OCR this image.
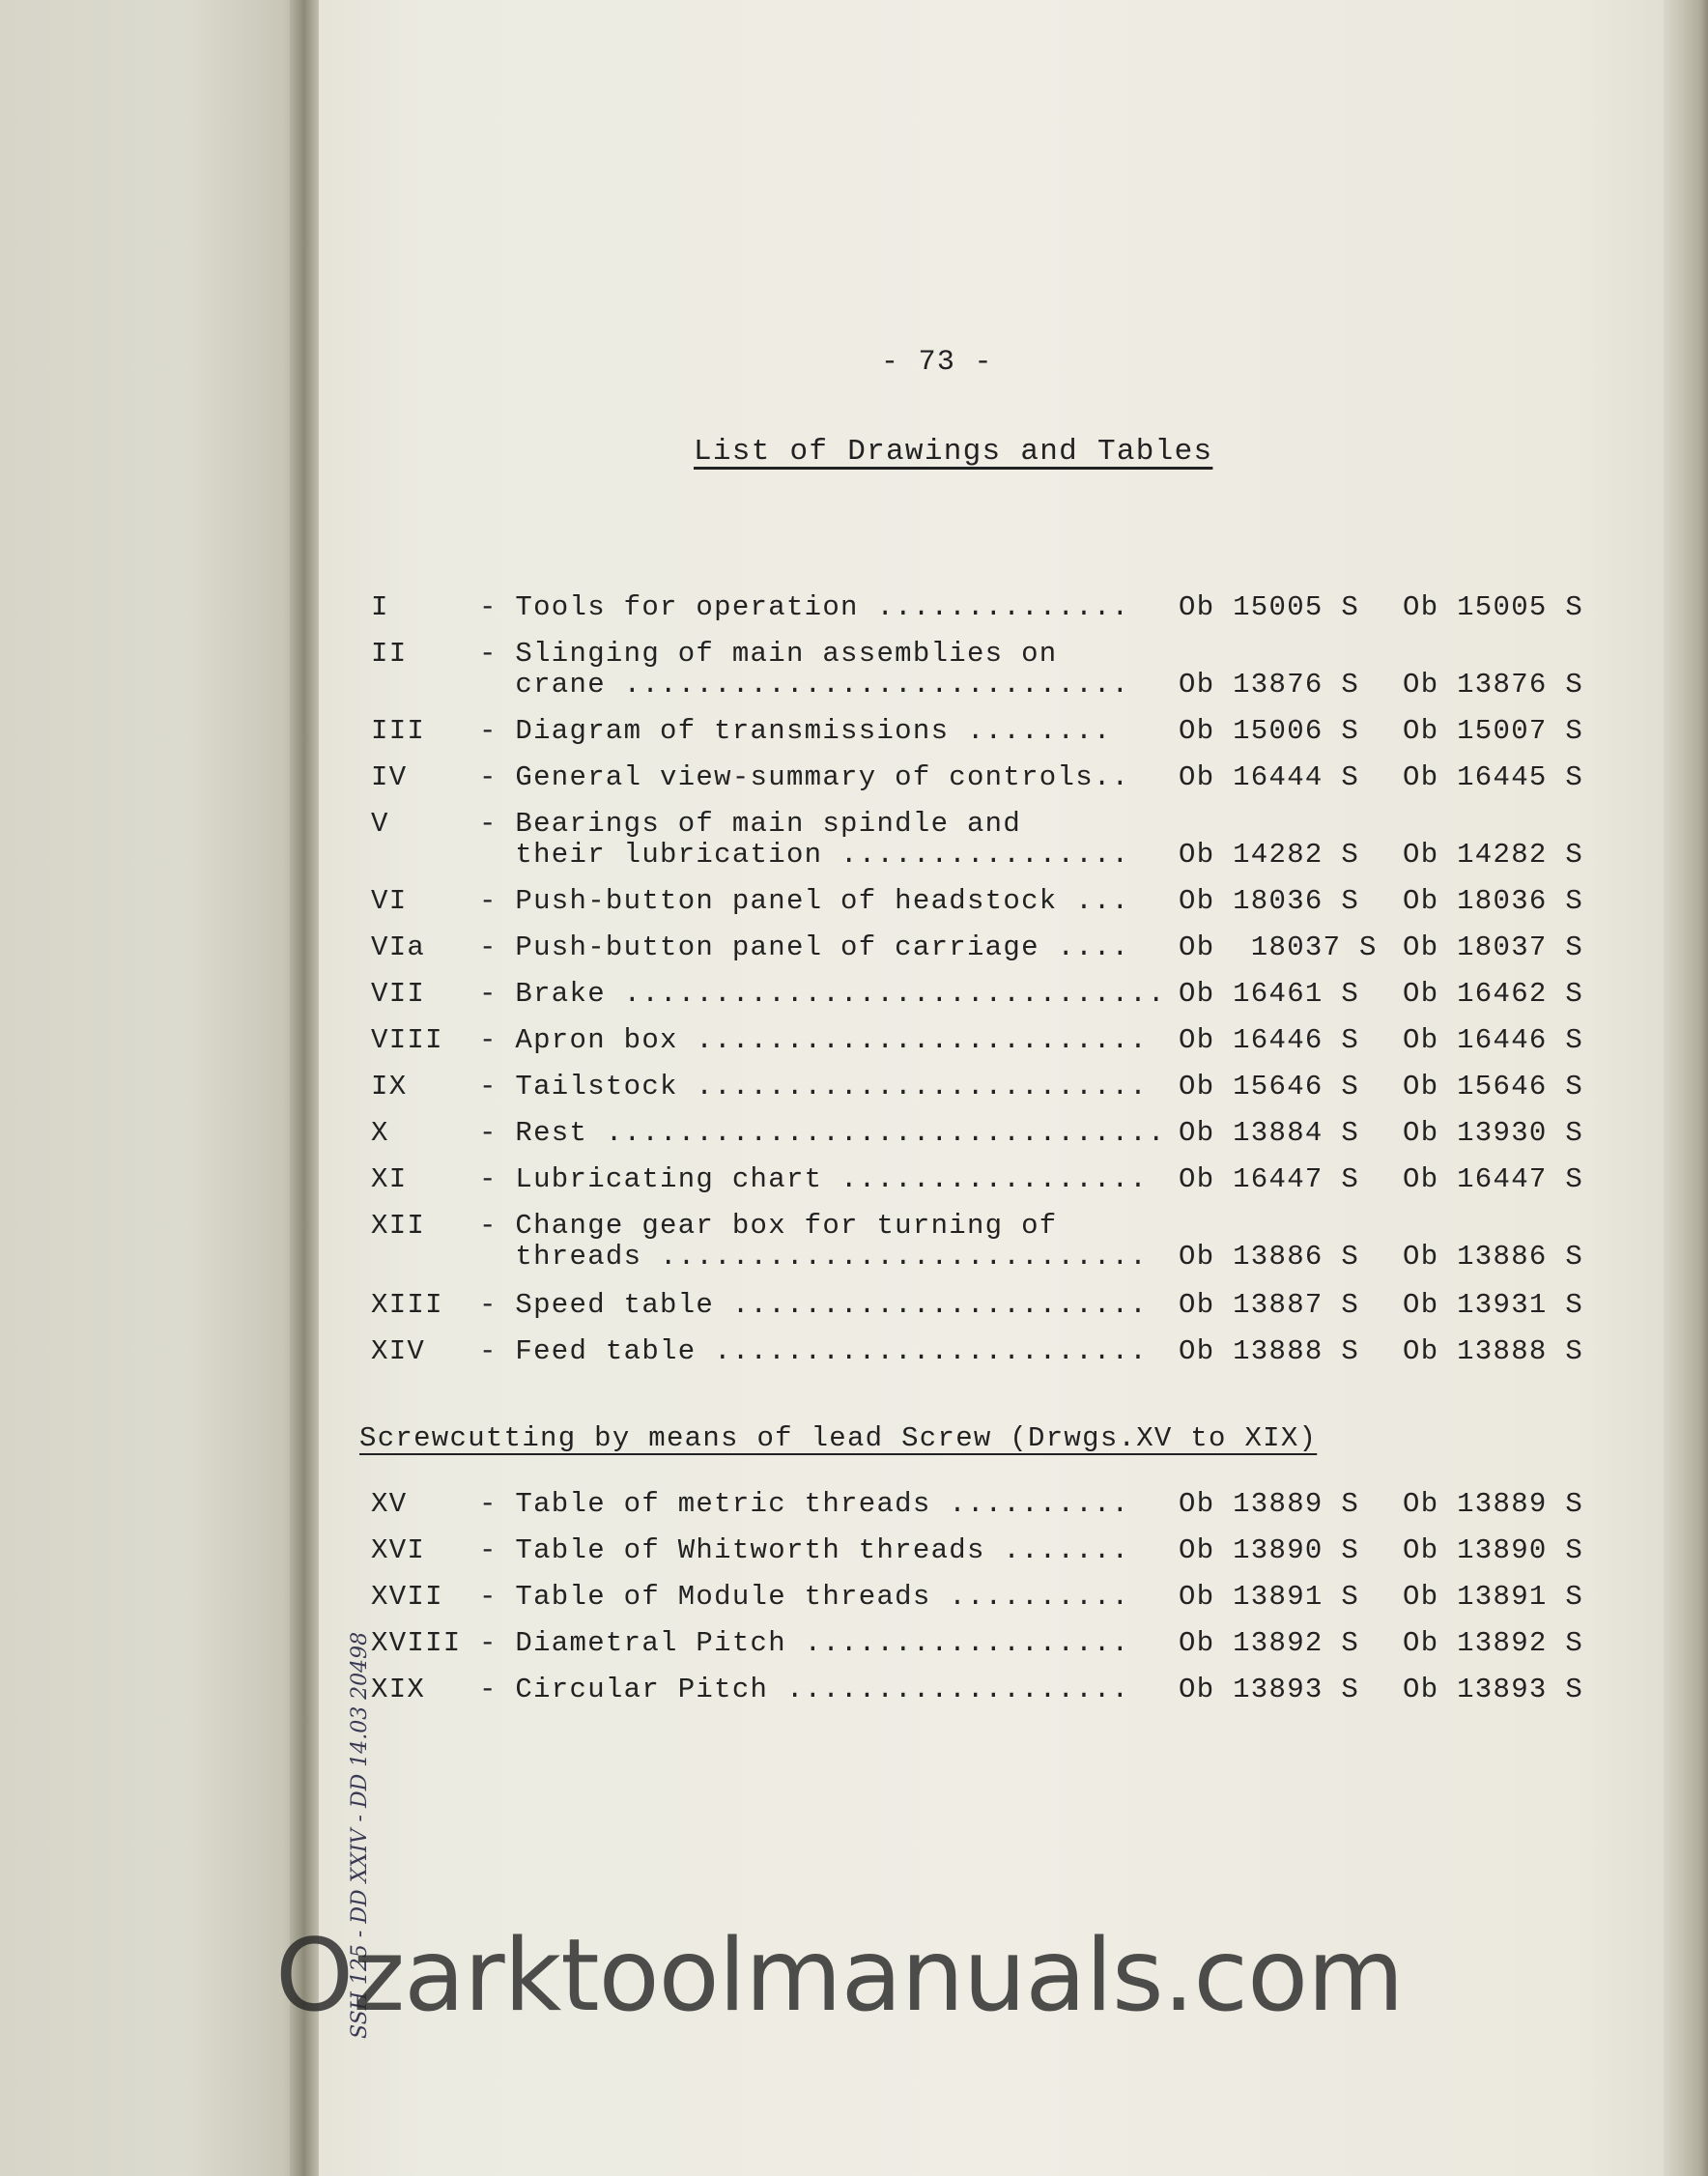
- 73 -
List of Drawings and Tables
I	- Tools for operation .............. Ob 15005 S Ob 15005 S
II	- Slinging of main assemblies on
crane ............................ Ob 13876 S Ob 13876 S
III - Diagram of transmissions ........ Ob 15006 S Ob 15007 S
IV	- General view-summary of controls.. Ob 16444 S Ob 16445 S
V	- Bearings of main spindle and
their lubrication ................ Ob 14282 S Ob 14282 S
VI	- Push-button panel of headstock ... Ob 18036 S Ob 18036 S
VIa - Push-button panel of carriage .... Ob  18037 S Ob 18037 S
VII - Brake .............................. Ob 16461 S Ob 16462 S
VIII - Apron box ......................... Ob 16446 S Ob 16446 S
IX	- Tailstock ......................... Ob 15646 S Ob 15646 S
X	- Rest ............................... Ob 13884 S Ob 13930 S
XI	- Lubricating chart ................. Ob 16447 S Ob 16447 S
XII - Change gear box for turning of
threads ........................... Ob 13886 S Ob 13886 S
XIII - Speed table ....................... Ob 13887 S Ob 13931 S
XIV - Feed table ........................ Ob 13888 S Ob 13888 S
Screwcutting by means of lead Screw (Drwgs.XV to XIX)
XV	- Table of metric threads .......... Ob 13889 S Ob 13889 S
XVI - Table of Whitworth threads ....... Ob 13890 S Ob 13890 S
XVII - Table of Module threads .......... Ob 13891 S Ob 13891 S
XVIII - Diametral Pitch .................. Ob 13892 S Ob 13892 S
XIX - Circular Pitch ................... Ob 13893 S Ob 13893 S
SSH 125 - DD XXIV - DD 14.03 20498
Ozarktoolmanuals.com
